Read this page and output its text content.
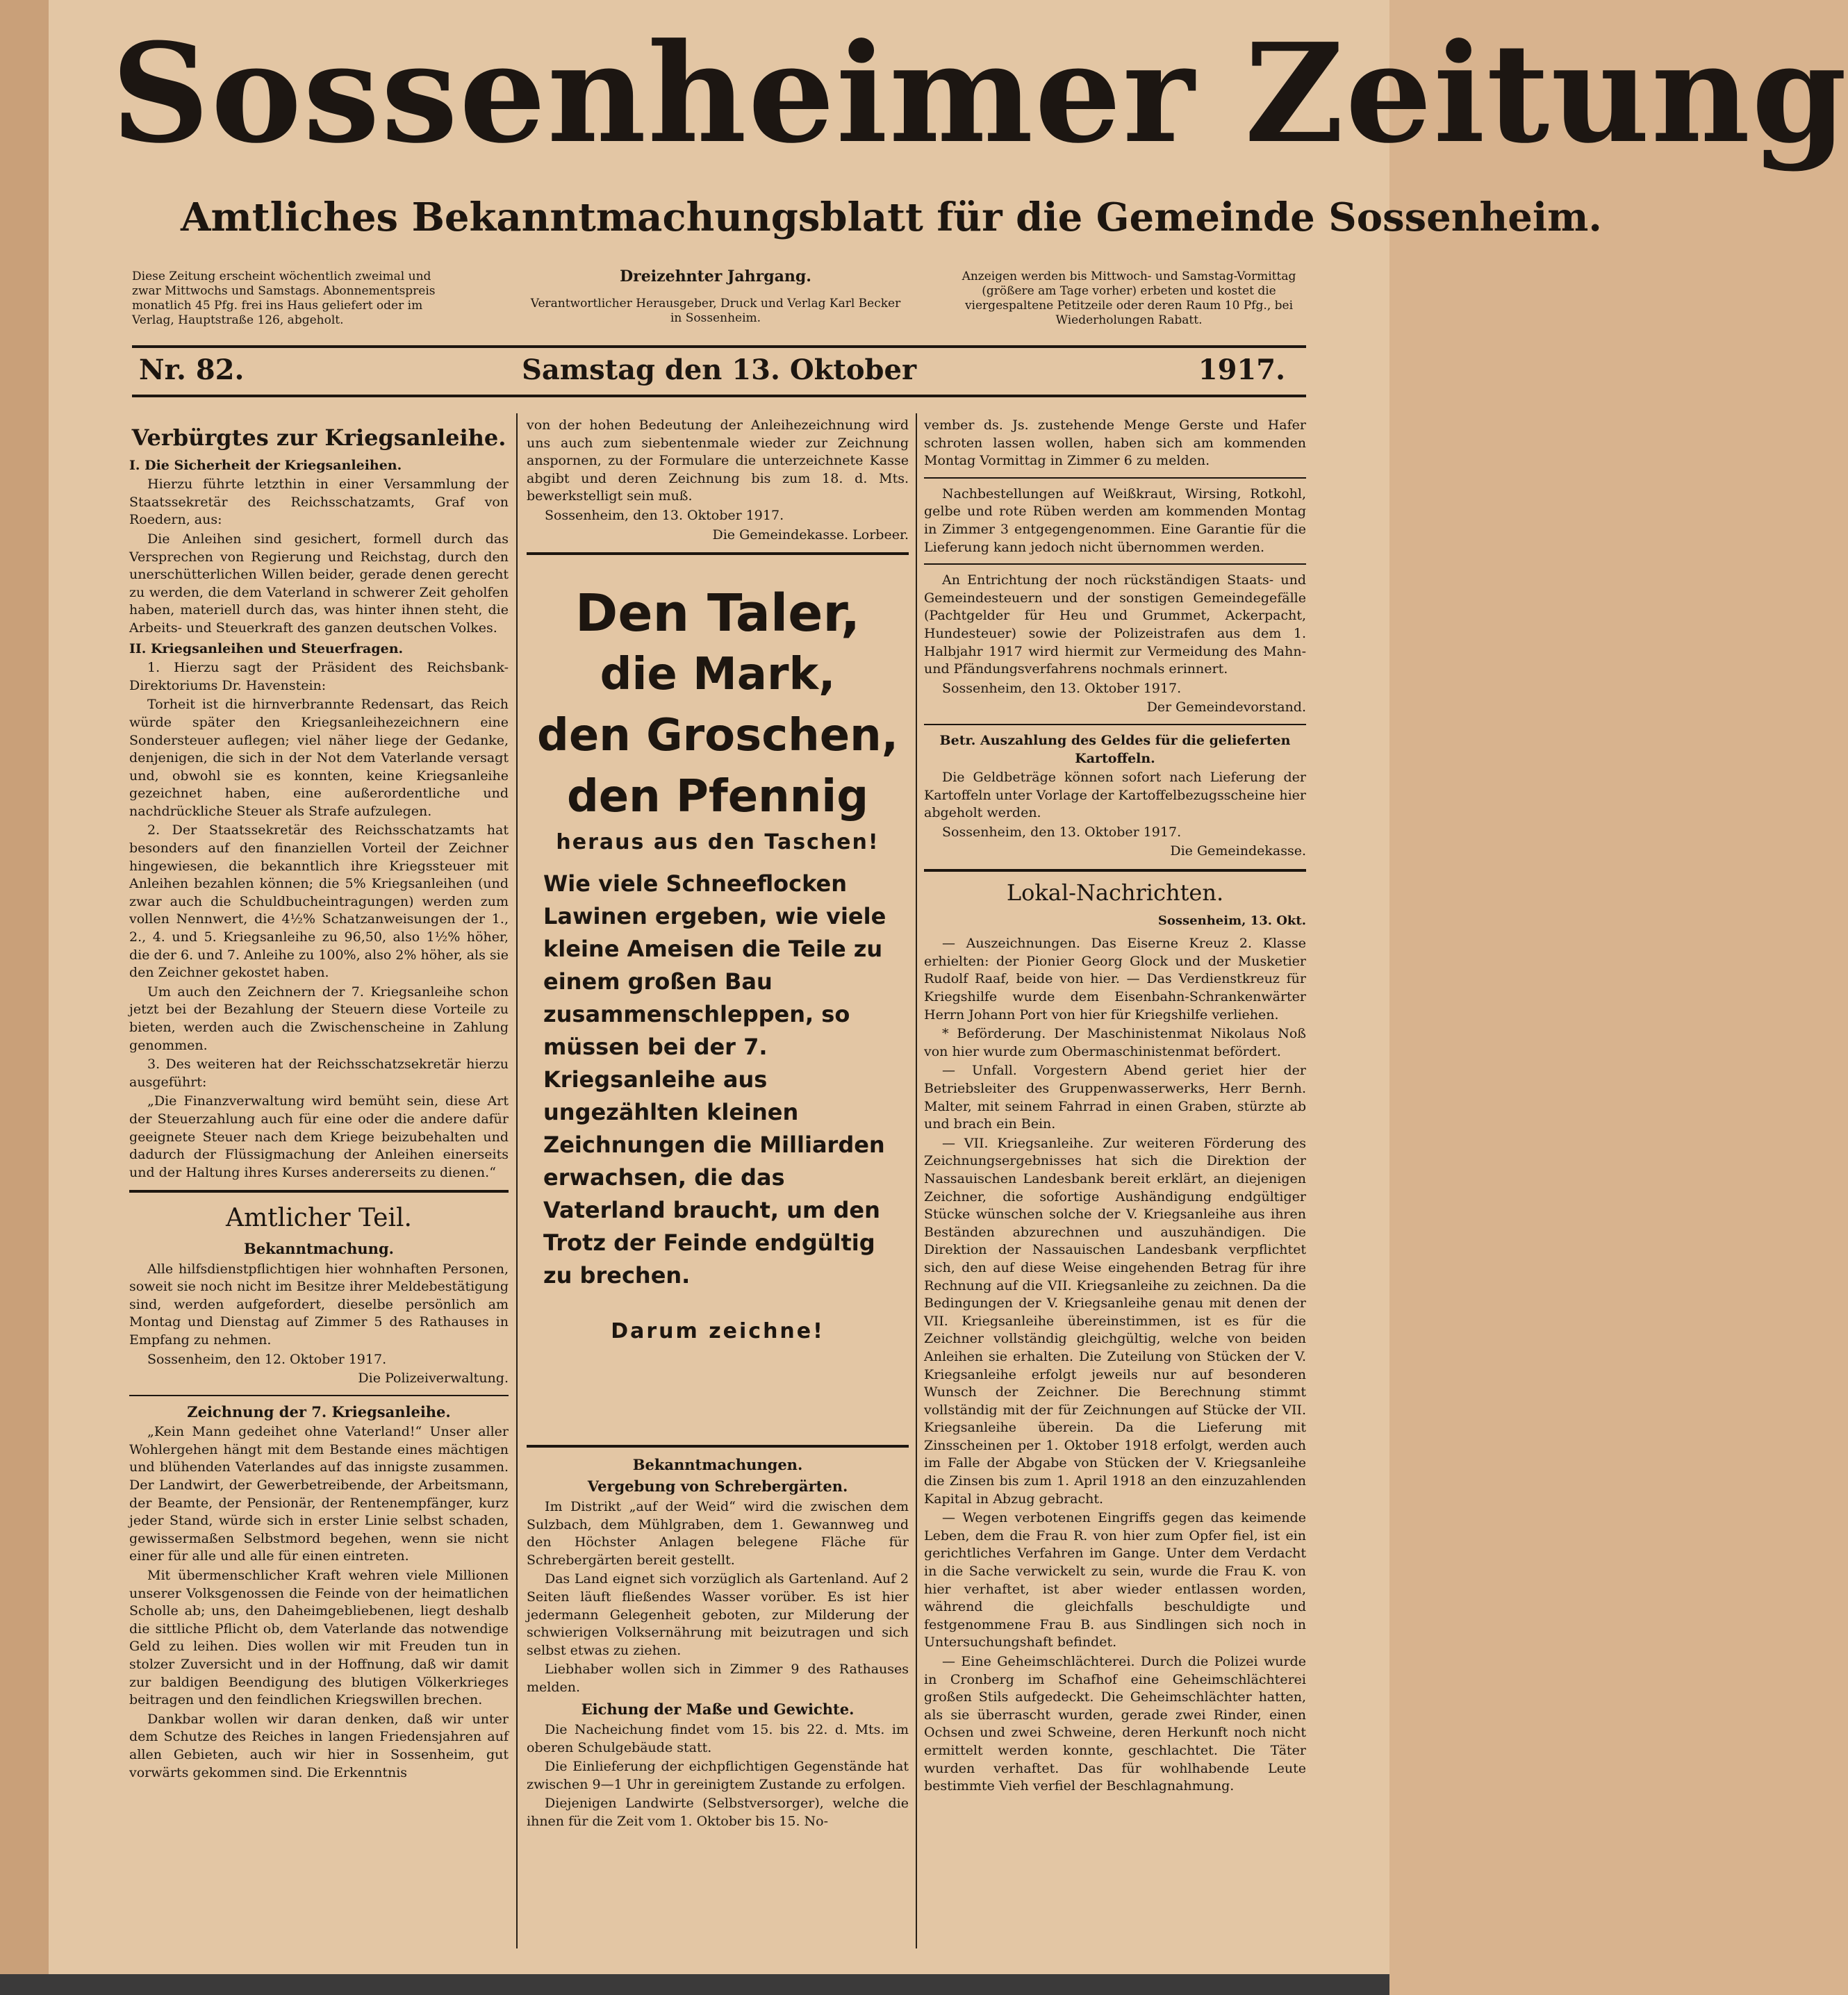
Sossenheimer Zeitung
Amtliches Bekanntmachungsblatt für die Gemeinde Sossenheim.
Diese Zeitung erscheint wöchentlich zweimal und zwar Mittwochs und Samstags. Abonnementspreis monatlich 45 Pfg. frei ins Haus geliefert oder im Verlag, Hauptstraße 126, abgeholt.
Dreizehnter Jahrgang.
Verantwortlicher Herausgeber, Druck und Verlag Karl Becker in Sossenheim.
Anzeigen werden bis Mittwoch- und Samstag-Vormittag (größere am Tage vorher) erbeten und kostet die viergespaltene Petitzeile oder deren Raum 10 Pfg., bei Wiederholungen Rabatt.
Nr. 82.	Samstag den 13. Oktober	1917.
Verbürgtes zur Kriegsanleihe.
I. Die Sicherheit der Kriegsanleihen.

Hierzu führte letzthin in einer Versammlung der Staatssekretär des Reichsschatzamts, Graf von Roedern, aus:

Die Anleihen sind gesichert, formell durch das Versprechen von Regierung und Reichstag, durch den unerschütterlichen Willen beider, gerade denen gerecht zu werden, die dem Vaterland in schwerer Zeit geholfen haben, materiell durch das, was hinter ihnen steht, die Arbeits- und Steuerkraft des ganzen deutschen Volkes.

II. Kriegsanleihen und Steuerfragen.

1. Hierzu sagt der Präsident des Reichsbank-Direktoriums Dr. Havenstein:

Torheit ist die hirnverbrannte Redensart, das Reich würde später den Kriegsanleihezeichnern eine Sondersteuer auflegen; viel näher liege der Gedanke, denjenigen, die sich in der Not dem Vaterlande versagt und, obwohl sie es konnten, keine Kriegsanleihe gezeichnet haben, eine außerordentliche und nachdrückliche Steuer als Strafe aufzulegen.

2. Der Staatssekretär des Reichsschatzamts hat besonders auf den finanziellen Vorteil der Zeichner hingewiesen, die bekanntlich ihre Kriegssteuer mit Anleihen bezahlen können; die 5% Kriegsanleihen (und zwar auch die Schuldbucheintragungen) werden zum vollen Nennwert, die 4½% Schatzanweisungen der 1., 2., 4. und 5. Kriegsanleihe zu 96,50, also 1½% höher, die der 6. und 7. Anleihe zu 100%, also 2% höher, als sie den Zeichner gekostet haben.

Um auch den Zeichnern der 7. Kriegsanleihe schon jetzt bei der Bezahlung der Steuern diese Vorteile zu bieten, werden auch die Zwischenscheine in Zahlung genommen.

3. Des weiteren hat der Reichsschatzsekretär hierzu ausgeführt:

„Die Finanzverwaltung wird bemüht sein, diese Art der Steuerzahlung auch für eine oder die andere dafür geeignete Steuer nach dem Kriege beizubehalten und dadurch der Flüssigmachung der Anleihen einerseits und der Haltung ihres Kurses andererseits zu dienen.“

Amtlicher Teil.
Bekanntmachung.

Alle hilfsdienstpflichtigen hier wohnhaften Personen, soweit sie noch nicht im Besitze ihrer Meldebestätigung sind, werden aufgefordert, dieselbe persönlich am Montag und Dienstag auf Zimmer 5 des Rathauses in Empfang zu nehmen.

Sossenheim, den 12. Oktober 1917.

Die Polizeiverwaltung.

Zeichnung der 7. Kriegsanleihe.

„Kein Mann gedeihet ohne Vaterland!“ Unser aller Wohlergehen hängt mit dem Bestande eines mächtigen und blühenden Vaterlandes auf das innigste zusammen. Der Landwirt, der Gewerbetreibende, der Arbeitsmann, der Beamte, der Pensionär, der Rentenempfänger, kurz jeder Stand, würde sich in erster Linie selbst schaden, gewissermaßen Selbstmord begehen, wenn sie nicht einer für alle und alle für einen eintreten.

Mit übermenschlicher Kraft wehren viele Millionen unserer Volksgenossen die Feinde von der heimatlichen Scholle ab; uns, den Daheimgebliebenen, liegt deshalb die sittliche Pflicht ob, dem Vaterlande das notwendige Geld zu leihen. Dies wollen wir mit Freuden tun in stolzer Zuversicht und in der Hoffnung, daß wir damit zur baldigen Beendigung des blutigen Völkerkrieges beitragen und den feindlichen Kriegswillen brechen.

Dankbar wollen wir daran denken, daß wir unter dem Schutze des Reiches in langen Friedensjahren auf allen Gebieten, auch wir hier in Sossenheim, gut vorwärts gekommen sind. Die Erkenntnis

von der hohen Bedeutung der Anleihezeichnung wird uns auch zum siebentenmale wieder zur Zeichnung anspornen, zu der Formulare die unterzeichnete Kasse abgibt und deren Zeichnung bis zum 18. d. Mts. bewerkstelligt sein muß.

Sossenheim, den 13. Oktober 1917.

Die Gemeindekasse. Lorbeer.

Den Taler,
die Mark,
den Groschen,
den Pfennig
heraus aus den Taschen!
Wie viele Schneeflocken Lawinen ergeben, wie viele kleine Ameisen die Teile zu einem großen Bau zusammenschleppen, so müssen bei der 7. Kriegsanleihe aus ungezählten kleinen Zeichnungen die Milliarden erwachsen, die das Vaterland braucht, um den Trotz der Feinde endgültig zu brechen.
Darum zeichne!
Bekanntmachungen.
Vergebung von Schrebergärten.

Im Distrikt „auf der Weid“ wird die zwischen dem Sulzbach, dem Mühlgraben, dem 1. Gewannweg und den Höchster Anlagen belegene Fläche für Schrebergärten bereit gestellt.

Das Land eignet sich vorzüglich als Gartenland. Auf 2 Seiten läuft fließendes Wasser vorüber. Es ist hier jedermann Gelegenheit geboten, zur Milderung der schwierigen Volksernährung mit beizutragen und sich selbst etwas zu ziehen.

Liebhaber wollen sich in Zimmer 9 des Rathauses melden.

Eichung der Maße und Gewichte.

Die Nacheichung findet vom 15. bis 22. d. Mts. im oberen Schulgebäude statt.

Die Einlieferung der eichpflichtigen Gegenstände hat zwischen 9—1 Uhr in gereinigtem Zustande zu erfolgen.

Diejenigen Landwirte (Selbstversorger), welche die ihnen für die Zeit vom 1. Oktober bis 15. No-

vember ds. Js. zustehende Menge Gerste und Hafer schroten lassen wollen, haben sich am kommenden Montag Vormittag in Zimmer 6 zu melden.

Nachbestellungen auf Weißkraut, Wirsing, Rotkohl, gelbe und rote Rüben werden am kommenden Montag in Zimmer 3 entgegengenommen. Eine Garantie für die Lieferung kann jedoch nicht übernommen werden.

An Entrichtung der noch rückständigen Staats- und Gemeindesteuern und der sonstigen Gemeindegefälle (Pachtgelder für Heu und Grummet, Ackerpacht, Hundesteuer) sowie der Polizeistrafen aus dem 1. Halbjahr 1917 wird hiermit zur Vermeidung des Mahn- und Pfändungsverfahrens nochmals erinnert.

Sossenheim, den 13. Oktober 1917.

Der Gemeindevorstand.

Betr. Auszahlung des Geldes für die gelieferten Kartoffeln.

Die Geldbeträge können sofort nach Lieferung der Kartoffeln unter Vorlage der Kartoffelbezugsscheine hier abgeholt werden.

Sossenheim, den 13. Oktober 1917.

Die Gemeindekasse.

Lokal-Nachrichten.
Sossenheim, 13. Okt.

— Auszeichnungen. Das Eiserne Kreuz 2. Klasse erhielten: der Pionier Georg Glock und der Musketier Rudolf Raaf, beide von hier. — Das Verdienstkreuz für Kriegshilfe wurde dem Eisenbahn-Schrankenwärter Herrn Johann Port von hier für Kriegshilfe verliehen.

* Beförderung. Der Maschinistenmat Nikolaus Noß von hier wurde zum Obermaschinistenmat befördert.

— Unfall. Vorgestern Abend geriet hier der Betriebsleiter des Gruppenwasserwerks, Herr Bernh. Malter, mit seinem Fahrrad in einen Graben, stürzte ab und brach ein Bein.

— VII. Kriegsanleihe. Zur weiteren Förderung des Zeichnungsergebnisses hat sich die Direktion der Nassauischen Landesbank bereit erklärt, an diejenigen Zeichner, die sofortige Aushändigung endgültiger Stücke wünschen solche der V. Kriegsanleihe aus ihren Beständen abzurechnen und auszuhändigen. Die Direktion der Nassauischen Landesbank verpflichtet sich, den auf diese Weise eingehenden Betrag für ihre Rechnung auf die VII. Kriegsanleihe zu zeichnen. Da die Bedingungen der V. Kriegsanleihe genau mit denen der VII. Kriegsanleihe übereinstimmen, ist es für die Zeichner vollständig gleichgültig, welche von beiden Anleihen sie erhalten. Die Zuteilung von Stücken der V. Kriegsanleihe erfolgt jeweils nur auf besonderen Wunsch der Zeichner. Die Berechnung stimmt vollständig mit der für Zeichnungen auf Stücke der VII. Kriegsanleihe überein. Da die Lieferung mit Zinsscheinen per 1. Oktober 1918 erfolgt, werden auch im Falle der Abgabe von Stücken der V. Kriegsanleihe die Zinsen bis zum 1. April 1918 an den einzuzahlenden Kapital in Abzug gebracht.

— Wegen verbotenen Eingriffs gegen das keimende Leben, dem die Frau R. von hier zum Opfer fiel, ist ein gerichtliches Verfahren im Gange. Unter dem Verdacht in die Sache verwickelt zu sein, wurde die Frau K. von hier verhaftet, ist aber wieder entlassen worden, während die gleichfalls beschuldigte und festgenommene Frau B. aus Sindlingen sich noch in Untersuchungshaft befindet.

— Eine Geheimschlächterei. Durch die Polizei wurde in Cronberg im Schafhof eine Geheimschlächterei großen Stils aufgedeckt. Die Geheimschlächter hatten, als sie überrascht wurden, gerade zwei Rinder, einen Ochsen und zwei Schweine, deren Herkunft noch nicht ermittelt werden konnte, geschlachtet. Die Täter wurden verhaftet. Das für wohlhabende Leute bestimmte Vieh verfiel der Beschlagnahmung.
